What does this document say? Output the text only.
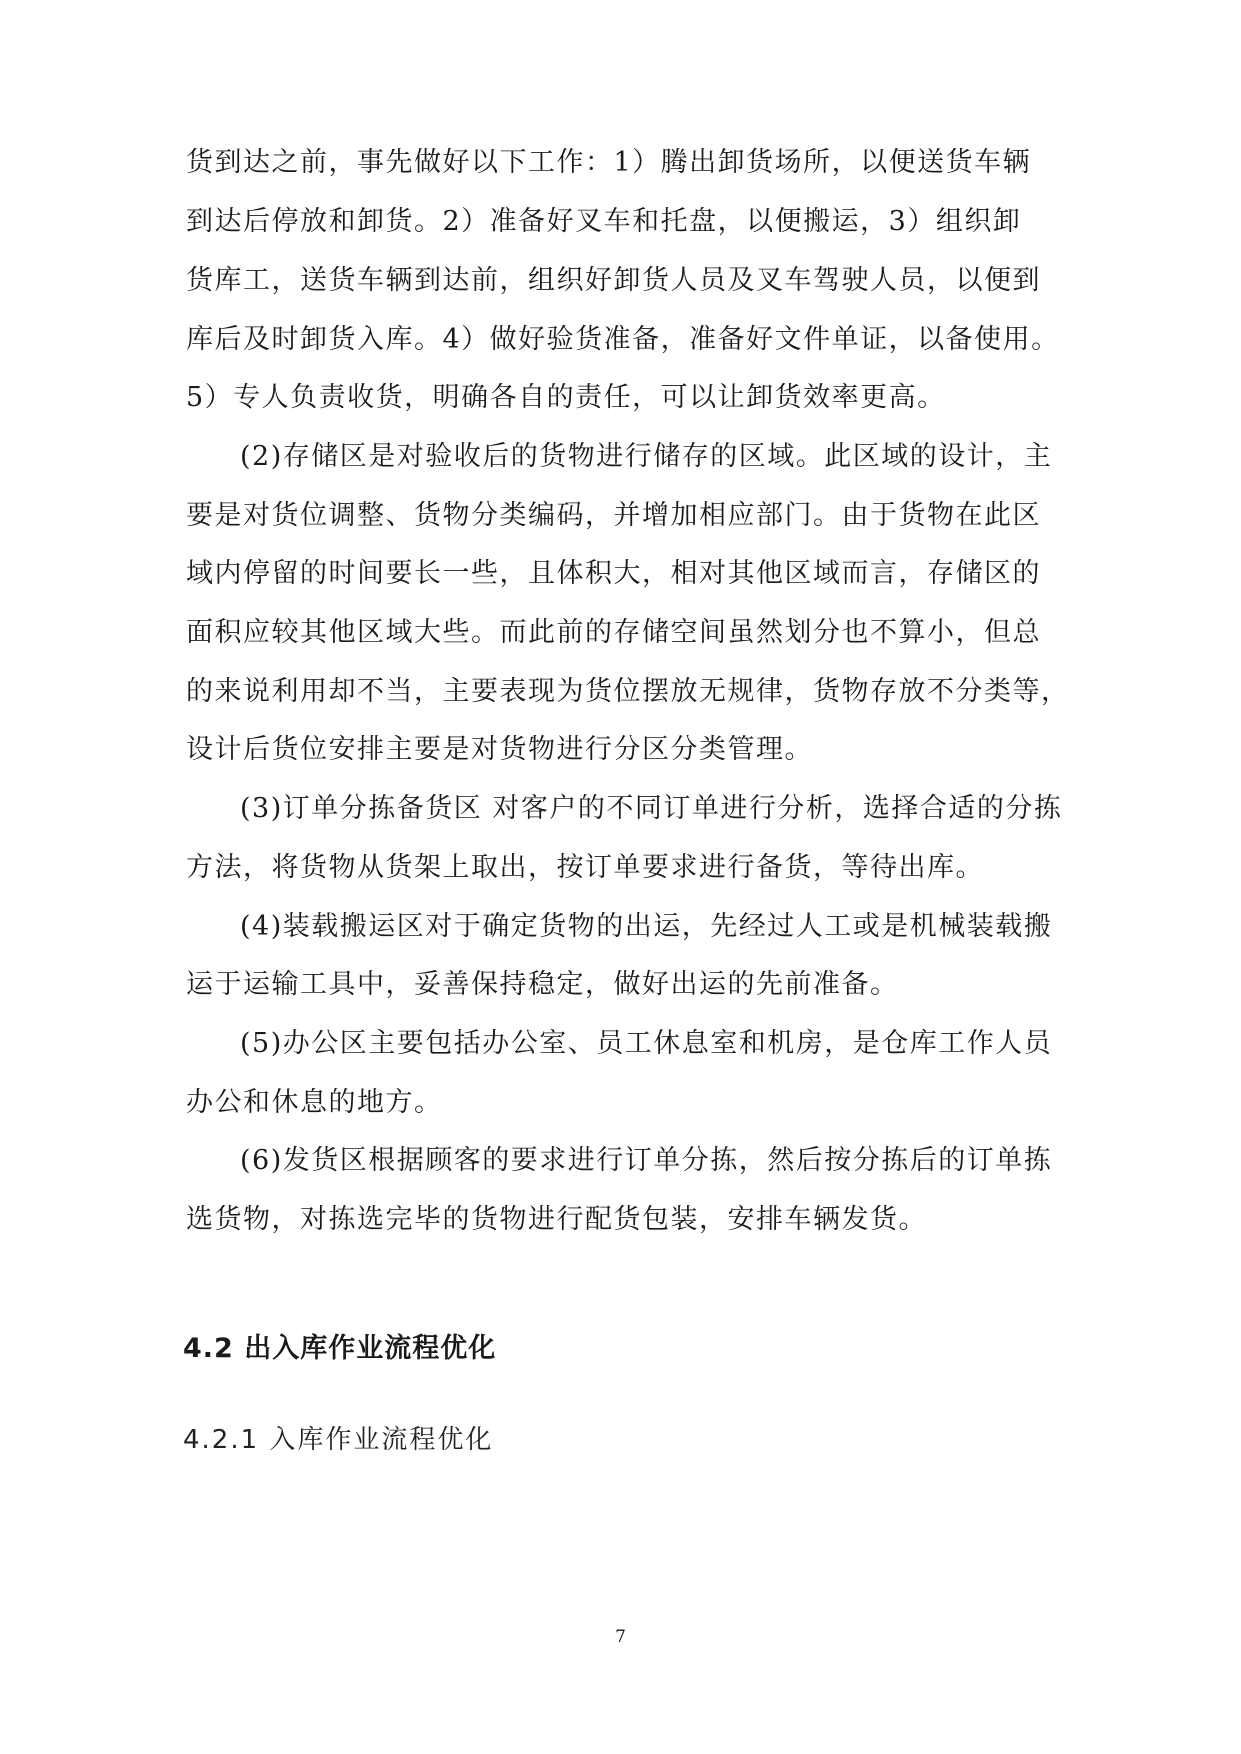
货到达之前，事先做好以下工作：1）腾出卸货场所，以便送货车辆
到达后停放和卸货。2）准备好叉车和托盘，以便搬运，3）组织卸
货库工，送货车辆到达前，组织好卸货人员及叉车驾驶人员，以便到
库后及时卸货入库。4）做好验货准备，准备好文件单证，以备使用。
5）专人负责收货，明确各自的责任，可以让卸货效率更高。
(2)存储区是对验收后的货物进行储存的区域。此区域的设计，主
要是对货位调整、货物分类编码，并增加相应部门。由于货物在此区
域内停留的时间要长一些，且体积大，相对其他区域而言，存储区的
面积应较其他区域大些。而此前的存储空间虽然划分也不算小，但总
的来说利用却不当，主要表现为货位摆放无规律，货物存放不分类等，
设计后货位安排主要是对货物进行分区分类管理。
(3)订单分拣备货区 对客户的不同订单进行分析，选择合适的分拣
方法，将货物从货架上取出，按订单要求进行备货，等待出库。
(4)装载搬运区对于确定货物的出运，先经过人工或是机械装载搬
运于运输工具中，妥善保持稳定，做好出运的先前准备。
(5)办公区主要包括办公室、员工休息室和机房，是仓库工作人员
办公和休息的地方。
(6)发货区根据顾客的要求进行订单分拣，然后按分拣后的订单拣
选货物，对拣选完毕的货物进行配货包装，安排车辆发货。
4.2 出入库作业流程优化
4.2.1 入库作业流程优化
7
